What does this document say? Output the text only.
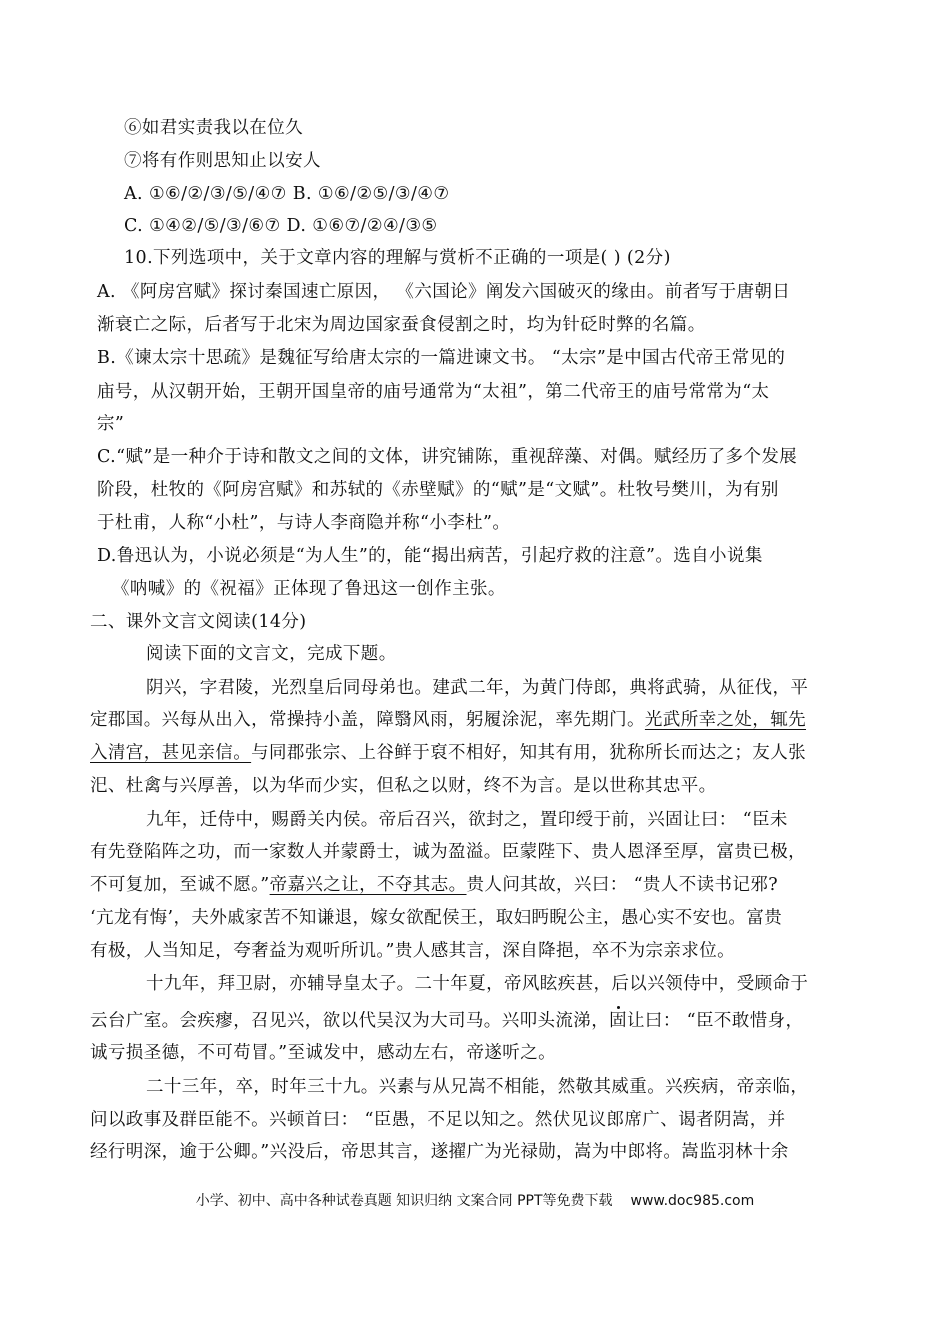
⑥如君实责我以在位久
⑦将有作则思知止以安人
A. ①⑥/②/③/⑤/④⑦ B. ①⑥/②⑤/③/④⑦
C. ①④②/⑤/③/⑥⑦ D. ①⑥⑦/②④/③⑤
10.下列选项中，关于文章内容的理解与赏析不正确的一项是( ) (2分)
A. 《阿房宫赋》探讨秦国速亡原因， 《六国论》阐发六国破灭的缘由。前者写于唐朝日
渐衰亡之际，后者写于北宋为周边国家蚕食侵割之时，均为针砭时弊的名篇。
B.《谏太宗十思疏》是魏征写给唐太宗的一篇进谏文书。 “太宗”是中国古代帝王常见的
庙号，从汉朝开始，王朝开国皇帝的庙号通常为“太祖”，第二代帝王的庙号常常为“太
宗”
C.“赋”是一种介于诗和散文之间的文体，讲究铺陈，重视辞藻、对偶。赋经历了多个发展
阶段，杜牧的《阿房宫赋》和苏轼的《赤壁赋》的“赋”是“文赋”。杜牧号樊川，为有别
于杜甫，人称“小杜”，与诗人李商隐并称“小李杜”。
D.鲁迅认为，小说必须是“为人生”的，能“揭出病苦，引起疗救的注意”。选自小说集
《呐喊》的《祝福》正体现了鲁迅这一创作主张。
二、课外文言文阅读(14分)
阅读下面的文言文，完成下题。
阴兴，字君陵，光烈皇后同母弟也。建武二年，为黄门侍郎，典将武骑，从征伐，平
定郡国。兴每从出入，常操持小盖，障翳风雨，躬履涂泥，率先期门。光武所幸之处，辄先
入清宫，甚见亲信。与同郡张宗、上谷鲜于裒不相好，知其有用，犹称所长而达之；友人张
汜、杜禽与兴厚善，以为华而少实，但私之以财，终不为言。是以世称其忠平。
九年，迁侍中，赐爵关内侯。帝后召兴，欲封之，置印绶于前，兴固让曰： “臣未
有先登陷阵之功，而一家数人并蒙爵士，诚为盈溢。臣蒙陛下、贵人恩泽至厚，富贵已极，
不可复加，至诚不愿。”帝嘉兴之让，不夺其志。贵人问其故，兴曰： “贵人不读书记邪?
‘亢龙有悔’，夫外戚家苦不知谦退，嫁女欲配侯王，取妇眄睨公主，愚心实不安也。富贵
有极，人当知足，夸奢益为观听所讥。”贵人感其言，深自降挹，卒不为宗亲求位。
十九年，拜卫尉，亦辅导皇太子。二十年夏，帝风眩疾甚，后以兴领侍中，受顾命于
云台广室。会疾瘳，召见兴，欲以代吴汉为大司马。兴叩头流涕，固让曰： “臣不敢惜身，
诚亏损圣德，不可苟冒。”至诚发中，感动左右，帝遂听之。
二十三年，卒，时年三十九。兴素与从兄嵩不相能，然敬其威重。兴疾病，帝亲临，
问以政事及群臣能不。兴顿首曰： “臣愚，不足以知之。然伏见议郎席广、谒者阴嵩，并
经行明深，逾于公卿。”兴没后，帝思其言，遂擢广为光禄勋，嵩为中郎将。嵩监羽林十余
小学、初中、高中各种试卷真题 知识归纳 文案合同 PPT等免费下载 www.doc985.com
